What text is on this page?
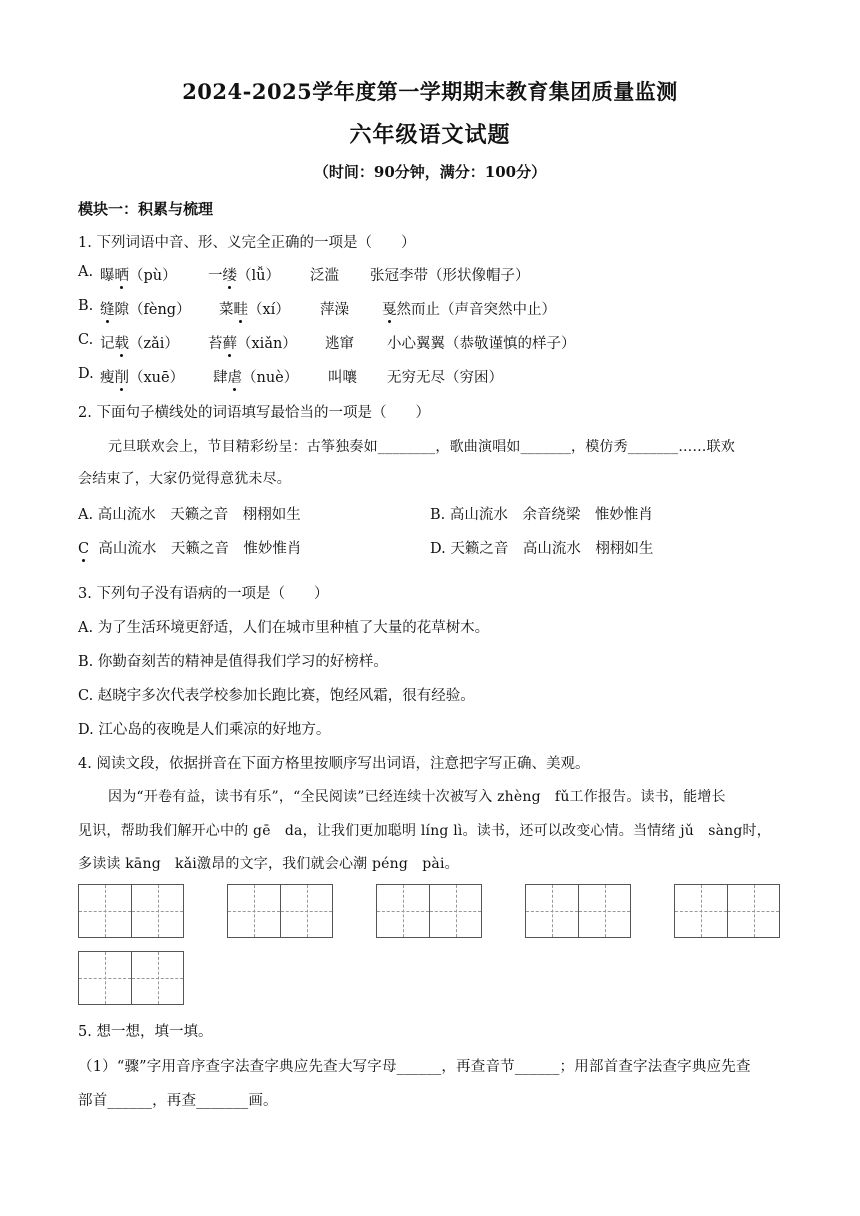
2024-2025学年度第一学期期末教育集团质量监测
六年级语文试题
（时间：90分钟，满分：100分）
模块一：积累与梳理
1. 下列词语中音、形、义完全正确的一项是（　　）
A. 曝晒（pù） 一缕（lǚ） 泛滥 张冠李带（形状像帽子）
B. 缝隙（fèng） 菜畦（xí） 萍澡 戛然而止（声音突然中止）
C. 记载（zǎi） 苔藓（xiǎn） 逃窜 小心翼翼（恭敬谨慎的样子）
D. 瘦削（xuē） 肆虐（nuè） 叫嚷 无穷无尽（穷困）
2. 下面句子横线处的词语填写最恰当的一项是（　　）
元旦联欢会上，节目精彩纷呈：古筝独奏如________，歌曲演唱如_______，模仿秀_______……联欢
会结束了，大家仍觉得意犹未尽。
A. 高山流水　天籁之音　栩栩如生	B. 高山流水　余音绕梁　惟妙惟肖
C 高山流水　天籁之音　惟妙惟肖	D. 天籁之音　高山流水　栩栩如生
3. 下列句子没有语病的一项是（　　）
A. 为了生活环境更舒适，人们在城市里种植了大量的花草树木。
B. 你勤奋刻苦的精神是值得我们学习的好榜样。
C. 赵晓宇多次代表学校参加长跑比赛，饱经风霜，很有经验。
D. 江心岛的夜晚是人们乘凉的好地方。
4. 阅读文段，依据拼音在下面方格里按顺序写出词语，注意把字写正确、美观。
因为“开卷有益，读书有乐”，“全民阅读”已经连续十次被写入 zhèng　fǔ工作报告。读书，能增长
见识，帮助我们解开心中的 gē　da，让我们更加聪明 líng lì。读书，还可以改变心情。当情绪 jǔ　sàng时，
多读读 kāng　kǎi激昂的文字，我们就会心潮 péng　pài。
5. 想一想，填一填。
（1）“骤”字用音序查字法查字典应先查大写字母______，再查音节______；用部首查字法查字典应先查
部首______，再查_______画。
